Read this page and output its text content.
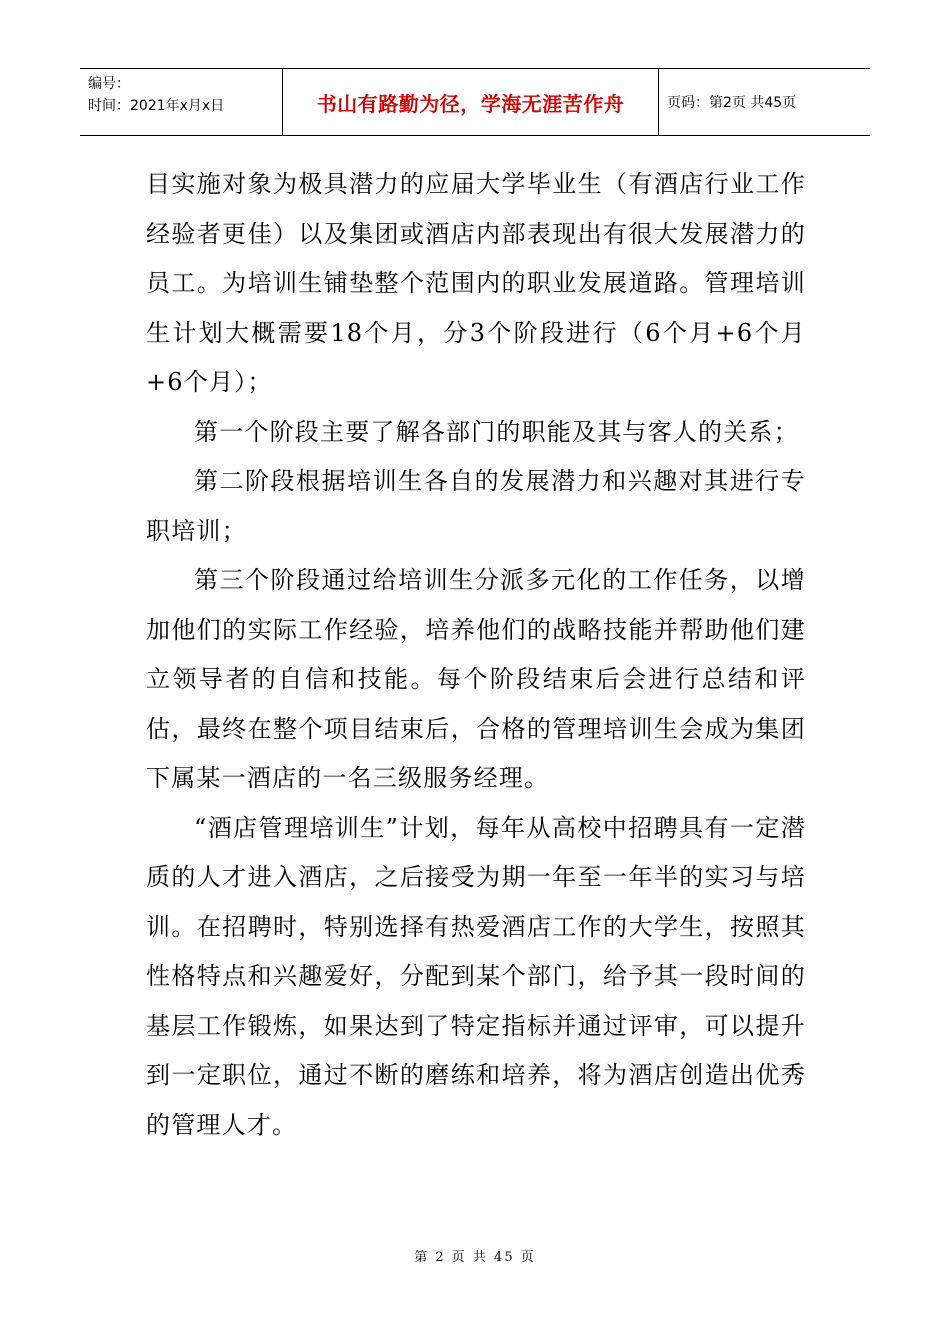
编号：
时间：2021年x月x日	书山有路勤为径，学海无涯苦作舟	页码：第2页 共45页

目实施对象为极具潜力的应届大学毕业生（有酒店行业工作经验者更佳）以及集团或酒店内部表现出有很大发展潜力的员工。为培训生铺垫整个范围内的职业发展道路。管理培训生计划大概需要18个月，分3个阶段进行（6个月+6个月+6个月）；

第一个阶段主要了解各部门的职能及其与客人的关系；

第二阶段根据培训生各自的发展潜力和兴趣对其进行专职培训；

第三个阶段通过给培训生分派多元化的工作任务，以增加他们的实际工作经验，培养他们的战略技能并帮助他们建立领导者的自信和技能。每个阶段结束后会进行总结和评估，最终在整个项目结束后，合格的管理培训生会成为集团下属某一酒店的一名三级服务经理。

“酒店管理培训生”计划，每年从高校中招聘具有一定潜质的人才进入酒店，之后接受为期一年至一年半的实习与培训。在招聘时，特别选择有热爱酒店工作的大学生，按照其性格特点和兴趣爱好，分配到某个部门，给予其一段时间的基层工作锻炼，如果达到了特定指标并通过评审，可以提升到一定职位，通过不断的磨练和培养，将为酒店创造出优秀的管理人才。

第 2 页 共 45 页
